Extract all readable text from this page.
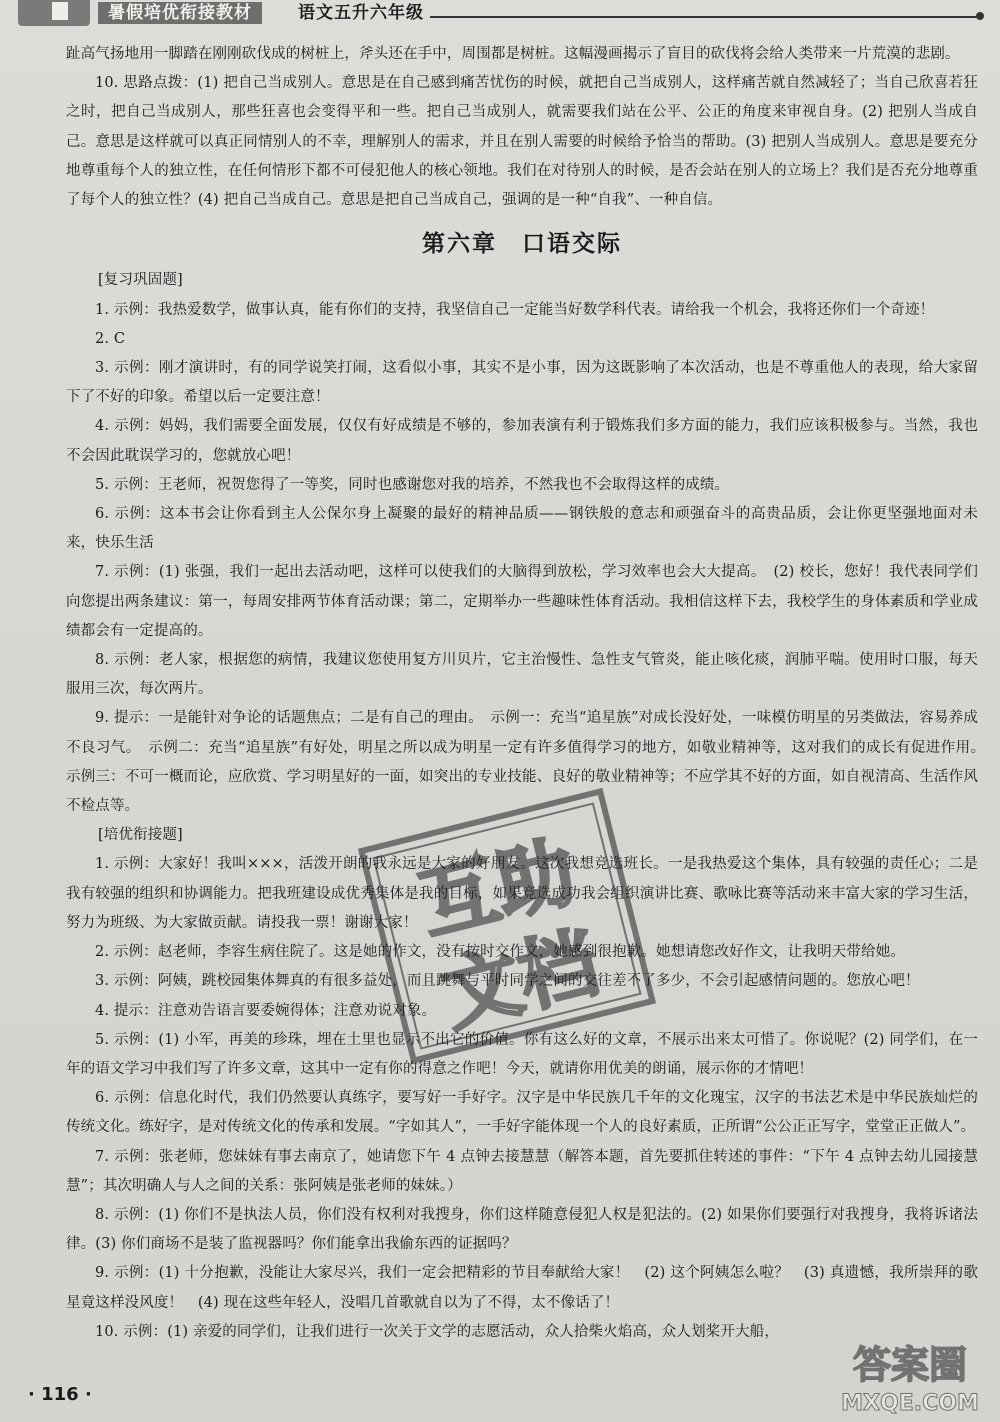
暑假培优衔接教材	语文五升六年级

趾高气扬地用一脚踏在刚刚砍伐成的树桩上，斧头还在手中，周围都是树桩。这幅漫画揭示了盲目的砍伐将会给人类带来一片荒漠的悲剧。

10. 思路点拨：(1) 把自己当成别人。意思是在自己感到痛苦忧伤的时候，就把自己当成别人，这样痛苦就自然减轻了；当自己欣喜若狂之时，把自己当成别人，那些狂喜也会变得平和一些。把自己当成别人，就需要我们站在公平、公正的角度来审视自身。(2) 把别人当成自己。意思是这样就可以真正同情别人的不幸，理解别人的需求，并且在别人需要的时候给予恰当的帮助。(3) 把别人当成别人。意思是要充分地尊重每个人的独立性，在任何情形下都不可侵犯他人的核心领地。我们在对待别人的时候，是否会站在别人的立场上？我们是否充分地尊重了每个人的独立性？(4) 把自己当成自己。意思是把自己当成自己，强调的是一种“自我”、一种自信。

第六章　口语交际

[复习巩固题]

1. 示例：我热爱数学，做事认真，能有你们的支持，我坚信自己一定能当好数学科代表。请给我一个机会，我将还你们一个奇迹！

2. C

3. 示例：刚才演讲时，有的同学说笑打闹，这看似小事，其实不是小事，因为这既影响了本次活动，也是不尊重他人的表现，给大家留下了不好的印象。希望以后一定要注意！

4. 示例：妈妈，我们需要全面发展，仅仅有好成绩是不够的，参加表演有利于锻炼我们多方面的能力，我们应该积极参与。当然，我也不会因此耽误学习的，您就放心吧！

5. 示例：王老师，祝贺您得了一等奖，同时也感谢您对我的培养，不然我也不会取得这样的成绩。

6. 示例：这本书会让你看到主人公保尔身上凝聚的最好的精神品质——钢铁般的意志和顽强奋斗的高贵品质，会让你更坚强地面对未来，快乐生活

7. 示例：(1) 张强，我们一起出去活动吧，这样可以使我们的大脑得到放松，学习效率也会大大提高。　(2) 校长，您好！我代表同学们向您提出两条建议：第一，每周安排两节体育活动课；第二，定期举办一些趣味性体育活动。我相信这样下去，我校学生的身体素质和学业成绩都会有一定提高的。

8. 示例：老人家，根据您的病情，我建议您使用复方川贝片，它主治慢性、急性支气管炎，能止咳化痰，润肺平喘。使用时口服，每天服用三次，每次两片。

9. 提示：一是能针对争论的话题焦点；二是有自己的理由。　示例一：充当“追星族”对成长没好处，一味模仿明星的另类做法，容易养成不良习气。　示例二：充当“追星族”有好处，明星之所以成为明星一定有许多值得学习的地方，如敬业精神等，这对我们的成长有促进作用。　示例三：不可一概而论，应欣赏、学习明星好的一面，如突出的专业技能、良好的敬业精神等；不应学其不好的方面，如自视清高、生活作风不检点等。

[培优衔接题]

1. 示例：大家好！我叫×××，活泼开朗的我永远是大家的好朋友。这次我想竞选班长。一是我热爱这个集体，具有较强的责任心；二是我有较强的组织和协调能力。把我班建设成优秀集体是我的目标，如果竞选成功我会组织演讲比赛、歌咏比赛等活动来丰富大家的学习生活，努力为班级、为大家做贡献。请投我一票！谢谢大家！

2. 示例：赵老师，李容生病住院了。这是她的作文，没有按时交作文，她感到很抱歉。她想请您改好作文，让我明天带给她。

3. 示例：阿姨，跳校园集体舞真的有很多益处，而且跳舞与平时同学之间的交往差不了多少，不会引起感情问题的。您放心吧！

4. 提示：注意劝告语言要委婉得体；注意劝说对象。

5. 示例：(1) 小军，再美的珍珠，埋在土里也显示不出它的价值。你有这么好的文章，不展示出来太可惜了。你说呢？(2) 同学们，在一年的语文学习中我们写了许多文章，这其中一定有你的得意之作吧！今天，就请你用优美的朗诵，展示你的才情吧！

6. 示例：信息化时代，我们仍然要认真练字，要写好一手好字。汉字是中华民族几千年的文化瑰宝，汉字的书法艺术是中华民族灿烂的传统文化。练好字，是对传统文化的传承和发展。“字如其人”，一手好字能体现一个人的良好素质，正所谓“公公正正写字，堂堂正正做人”。

7. 示例：张老师，您妹妹有事去南京了，她请您下午 4 点钟去接慧慧（解答本题，首先要抓住转述的事件：“下午 4 点钟去幼儿园接慧慧”；其次明确人与人之间的关系：张阿姨是张老师的妹妹。）

8. 示例：(1) 你们不是执法人员，你们没有权利对我搜身，你们这样随意侵犯人权是犯法的。(2) 如果你们要强行对我搜身，我将诉诸法律。(3) 你们商场不是装了监视器吗？你们能拿出我偷东西的证据吗？

9. 示例：(1) 十分抱歉，没能让大家尽兴，我们一定会把精彩的节目奉献给大家！　(2) 这个阿姨怎么啦？　(3) 真遗憾，我所崇拜的歌星竟这样没风度！　(4) 现在这些年轻人，没唱几首歌就自以为了不得，太不像话了！

10. 示例：(1) 亲爱的同学们，让我们进行一次关于文学的志愿活动，众人拾柴火焰高，众人划桨开大船，

互助
文档
答案圈
MXQE.COM
· 116 ·
